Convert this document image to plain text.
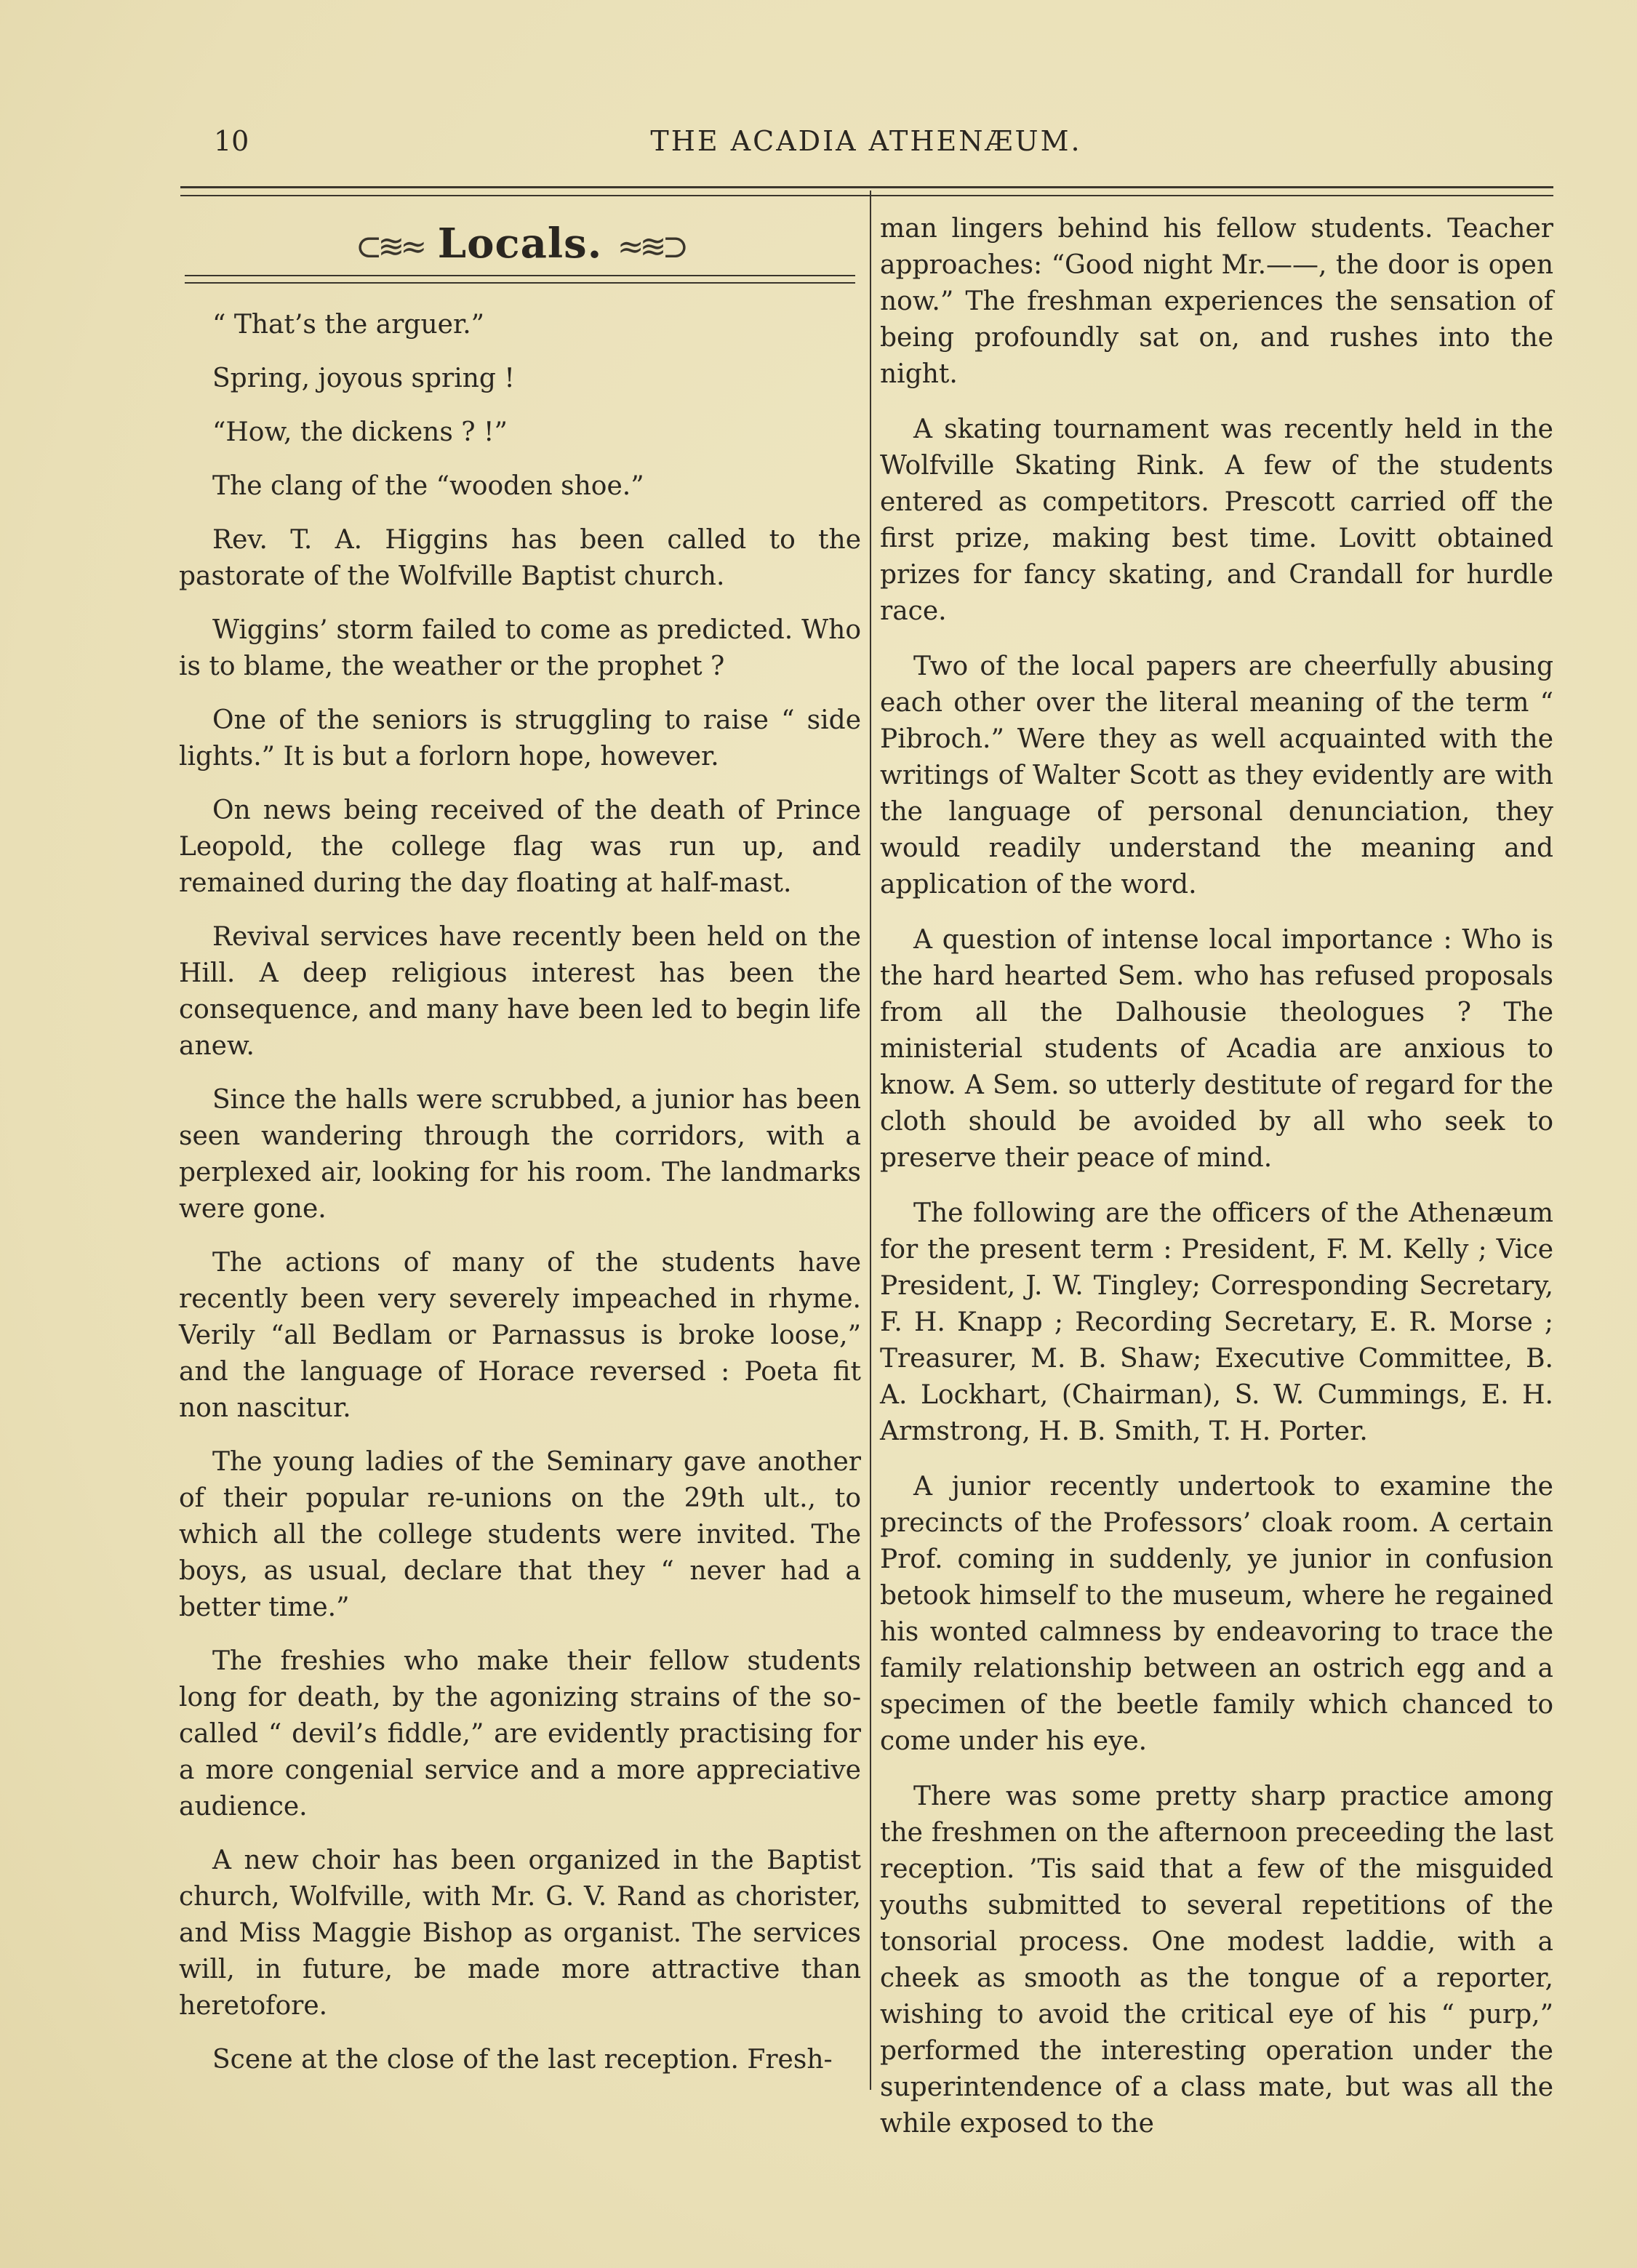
10	THE ACADIA ATHENÆUM.
⊂≋≈ Locals. ≈≋⊃

“ That’s the arguer.”

Spring, joyous spring !

“How, the dickens ? !”

The clang of the “wooden shoe.”

Rev. T. A. Higgins has been called to the pastorate of the Wolfville Baptist church.

Wiggins’ storm failed to come as predicted. Who is to blame, the weather or the prophet ?

One of the seniors is struggling to raise “ side lights.” It is but a forlorn hope, however.

On news being received of the death of Prince Leopold, the college flag was run up, and remained during the day floating at half-mast.

Revival services have recently been held on the Hill. A deep religious interest has been the consequence, and many have been led to begin life anew.

Since the halls were scrubbed, a junior has been seen wandering through the corridors, with a perplexed air, looking for his room. The landmarks were gone.

The actions of many of the students have recently been very severely impeached in rhyme. Verily “all Bedlam or Parnassus is broke loose,” and the language of Horace reversed : Poeta fit non nascitur.

The young ladies of the Seminary gave another of their popular re-unions on the 29th ult., to which all the college students were invited. The boys, as usual, declare that they “ never had a better time.”

The freshies who make their fellow students long for death, by the agonizing strains of the so-called “ devil’s fiddle,” are evidently practising for a more congenial service and a more appreciative audience.

A new choir has been organized in the Baptist church, Wolfville, with Mr. G. V. Rand as chorister, and Miss Maggie Bishop as organist. The services will, in future, be made more attractive than heretofore.

Scene at the close of the last reception. Fresh-

man lingers behind his fellow students. Teacher approaches: “Good night Mr.——, the door is open now.” The freshman experiences the sensation of being profoundly sat on, and rushes into the night.

A skating tournament was recently held in the Wolfville Skating Rink. A few of the students entered as competitors. Prescott carried off the first prize, making best time. Lovitt obtained prizes for fancy skating, and Crandall for hurdle race.

Two of the local papers are cheerfully abusing each other over the literal meaning of the term “ Pibroch.” Were they as well acquainted with the writings of Walter Scott as they evidently are with the language of personal denunciation, they would readily understand the meaning and application of the word.

A question of intense local importance : Who is the hard hearted Sem. who has refused proposals from all the Dalhousie theologues ? The ministerial students of Acadia are anxious to know. A Sem. so utterly destitute of regard for the cloth should be avoided by all who seek to preserve their peace of mind.

The following are the officers of the Athenæum for the present term : President, F. M. Kelly ; Vice President, J. W. Tingley; Corresponding Secretary, F. H. Knapp ; Recording Secretary, E. R. Morse ; Treasurer, M. B. Shaw; Executive Committee, B. A. Lockhart, (Chairman), S. W. Cummings, E. H. Armstrong, H. B. Smith, T. H. Porter.

A junior recently undertook to examine the precincts of the Professors’ cloak room. A certain Prof. coming in suddenly, ye junior in confusion betook himself to the museum, where he regained his wonted calmness by endeavoring to trace the family relationship between an ostrich egg and a specimen of the beetle family which chanced to come under his eye.

There was some pretty sharp practice among the freshmen on the afternoon preceeding the last reception. ’Tis said that a few of the misguided youths submitted to several repetitions of the tonsorial process. One modest laddie, with a cheek as smooth as the tongue of a reporter, wishing to avoid the critical eye of his “ purp,” performed the interesting operation under the superintendence of a class mate, but was all the while exposed to the
